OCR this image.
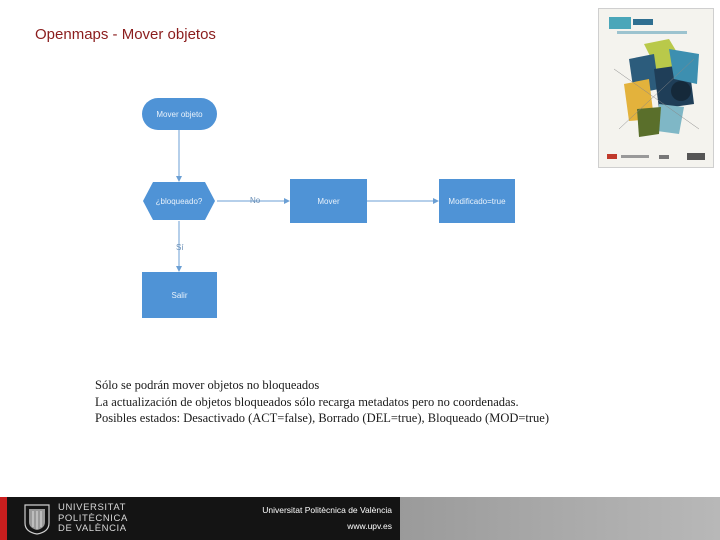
Openmaps - Mover objetos
Mover objeto
¿bloqueado?	Mover	Modificado=true
Salir
No
Sí
Sólo se podrán mover objetos no bloqueados
La actualización de objetos bloqueados sólo recarga metadatos pero no coordenadas.
Posibles estados: Desactivado (ACT=false), Borrado (DEL=true), Bloqueado (MOD=true)
UNIVERSITAT
POLITÈCNICA
DE VALÈNCIA
Universitat Politècnica de València
www.upv.es
